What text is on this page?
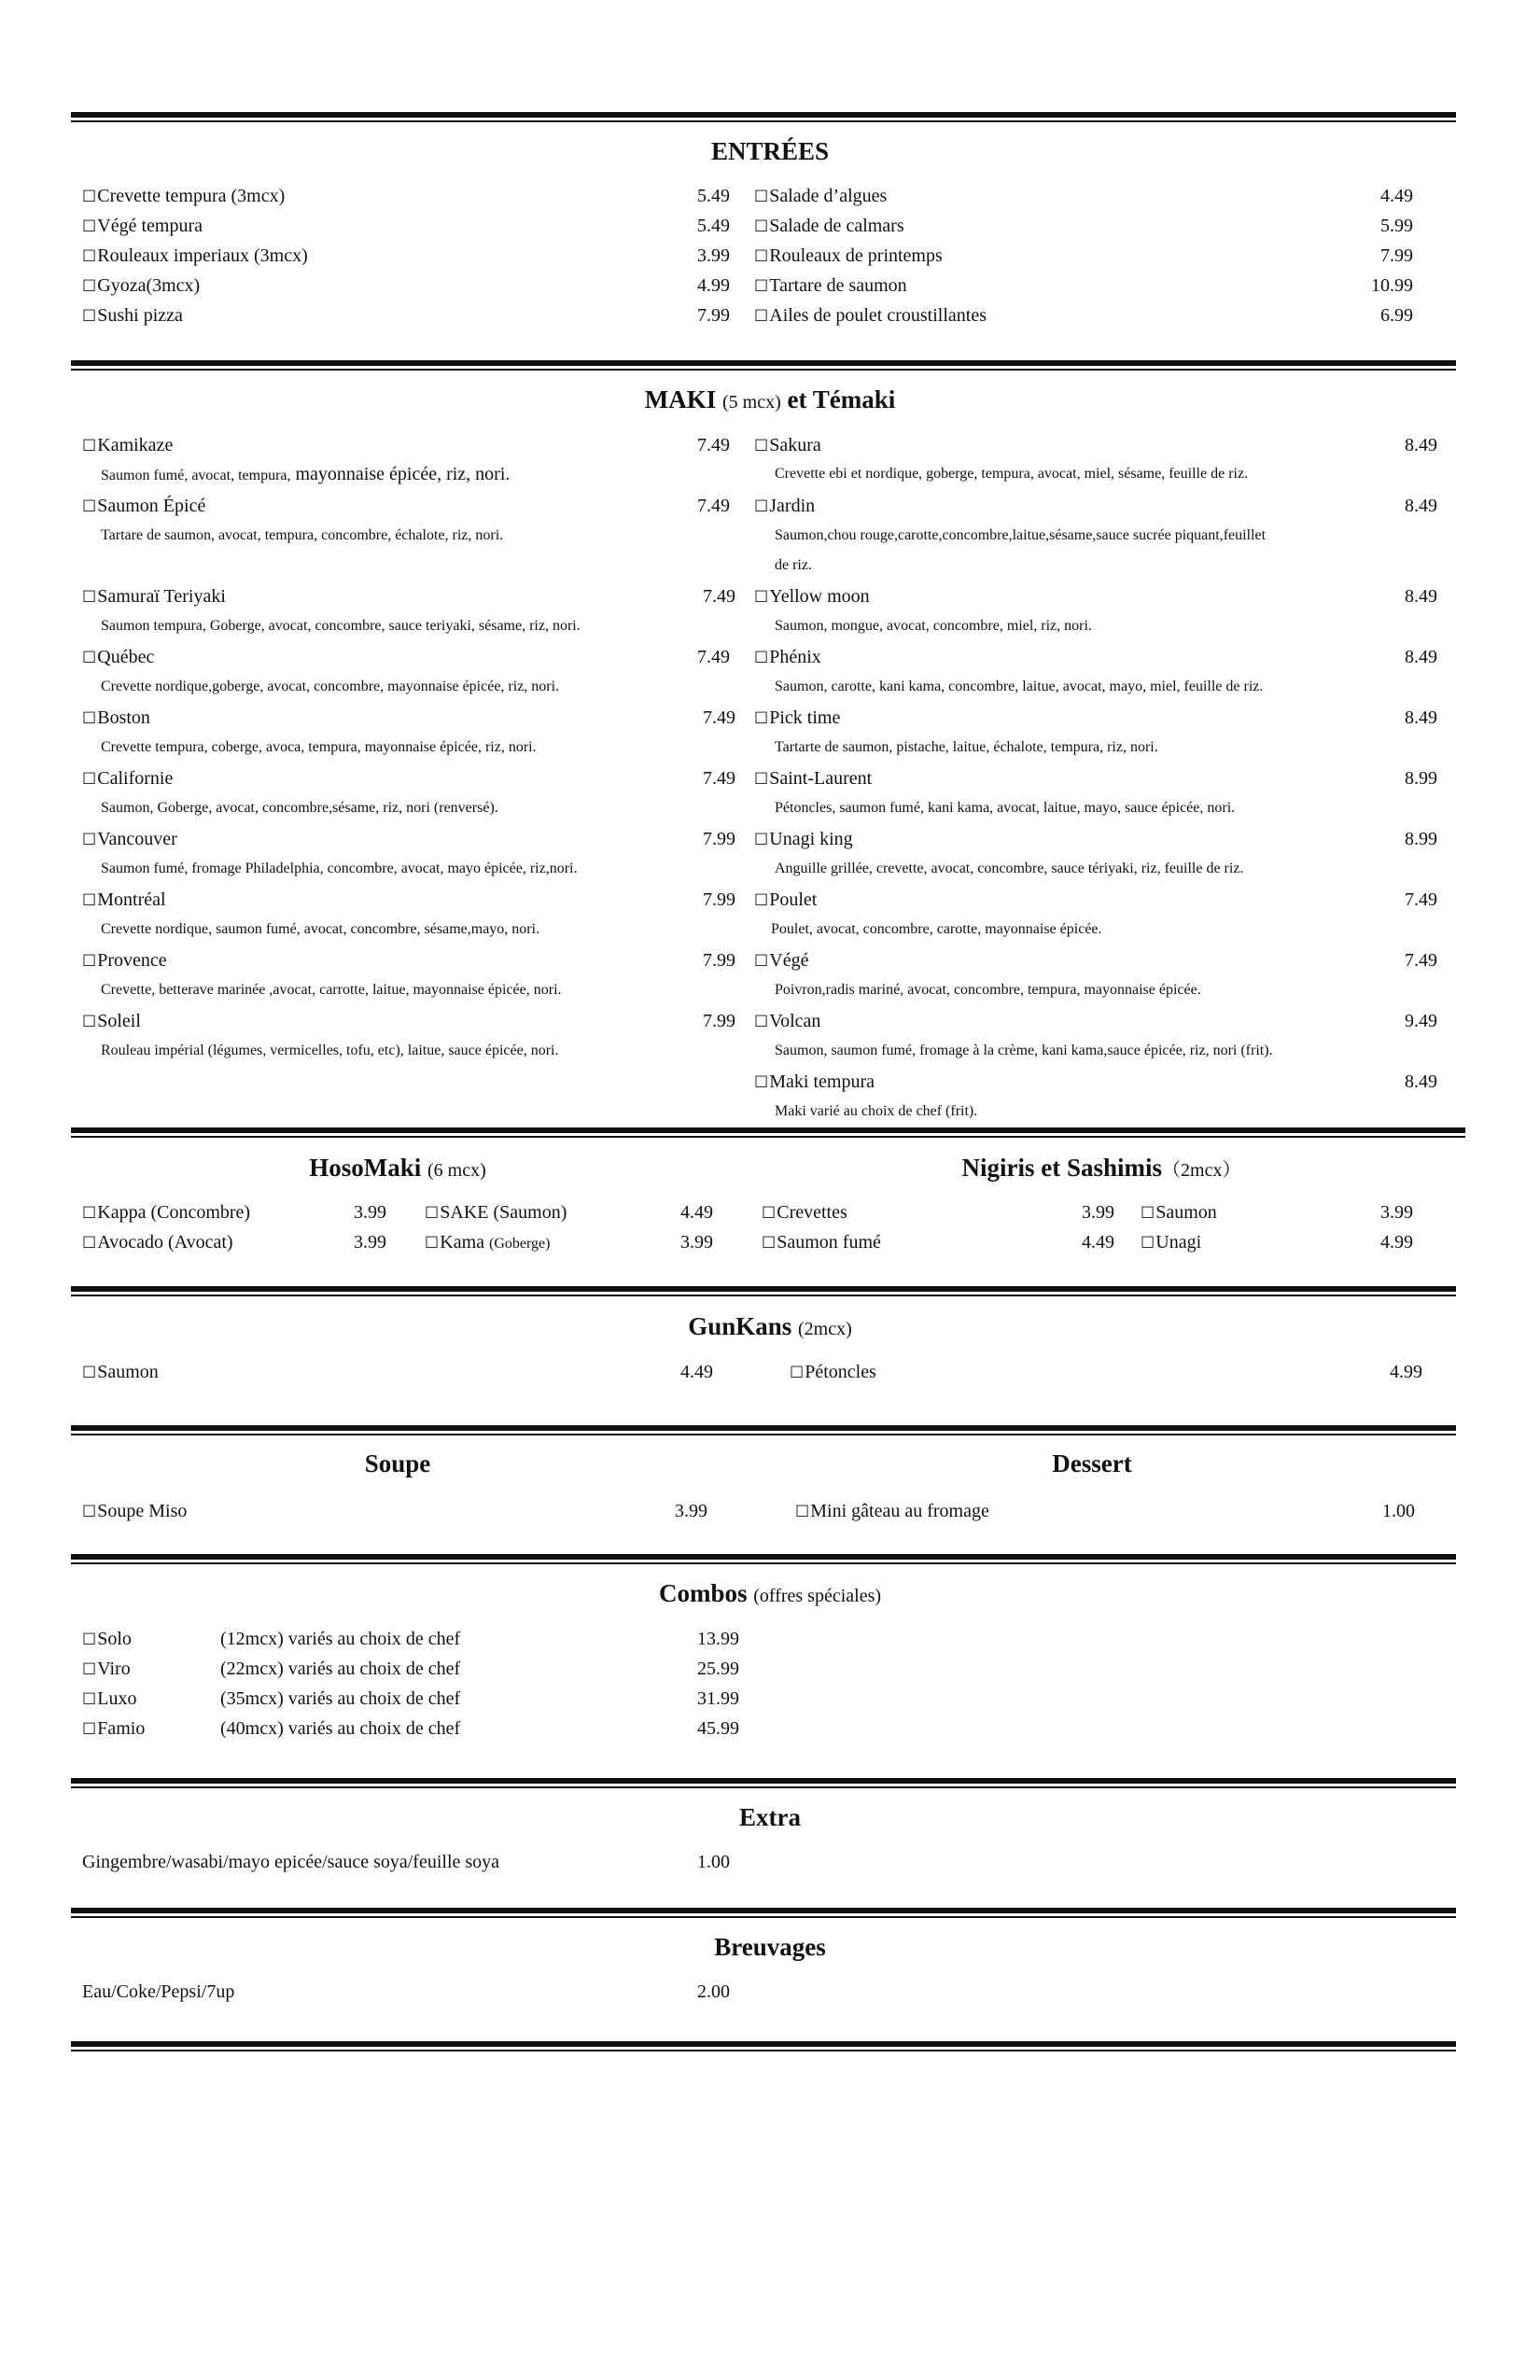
ENTRÉES
☐Crevette tempura (3mcx)	5.49
☐Végé tempura	5.49
☐Rouleaux imperiaux (3mcx)	3.99
☐Gyoza(3mcx)	4.99
☐Sushi pizza	7.99
☐Salade d’algues	4.49
☐Salade de calmars	5.99
☐Rouleaux de printemps	7.99
☐Tartare de saumon	10.99
☐Ailes de poulet croustillantes	6.99
MAKI (5 mcx) et Témaki
☐Kamikaze	7.49
Saumon fumé, avocat, tempura, mayonnaise épicée, riz, nori.
☐Saumon Épicé	7.49
Tartare de saumon, avocat, tempura, concombre, échalote, riz, nori.
☐Samuraï Teriyaki	7.49
Saumon tempura, Goberge, avocat, concombre, sauce teriyaki, sésame, riz, nori.
☐Québec	7.49
Crevette nordique,goberge, avocat, concombre, mayonnaise épicée, riz, nori.
☐Boston	7.49
Crevette tempura, coberge, avoca, tempura, mayonnaise épicée, riz, nori.
☐Californie	7.49
Saumon, Goberge, avocat, concombre,sésame, riz, nori (renversé).
☐Vancouver	7.99
Saumon fumé, fromage Philadelphia, concombre, avocat, mayo épicée, riz,nori.
☐Montréal	7.99
Crevette nordique, saumon fumé, avocat, concombre, sésame,mayo, nori.
☐Provence	7.99
Crevette, betterave marinée ,avocat, carrotte, laitue, mayonnaise épicée, nori.
☐Soleil	7.99
Rouleau impérial (légumes, vermicelles, tofu, etc), laitue, sauce épicée, nori.
☐Sakura	8.49
Crevette ebi et nordique, goberge, tempura, avocat, miel, sésame, feuille de riz.
☐Jardin	8.49
Saumon,chou rouge,carotte,concombre,laitue,sésame,sauce sucrée piquant,feuillet
de riz.
☐Yellow moon	8.49
Saumon, mongue, avocat, concombre, miel, riz, nori.
☐Phénix	8.49
Saumon, carotte, kani kama, concombre, laitue, avocat, mayo, miel, feuille de riz.
☐Pick time	8.49
Tartarte de saumon, pistache, laitue, échalote, tempura, riz, nori.
☐Saint-Laurent	8.99
Pétoncles, saumon fumé, kani kama, avocat, laitue, mayo, sauce épicée, nori.
☐Unagi king	8.99
Anguille grillée, crevette, avocat, concombre, sauce tériyaki, riz, feuille de riz.
☐Poulet	7.49
Poulet, avocat, concombre, carotte, mayonnaise épicée.
☐Végé	7.49
Poivron,radis mariné, avocat, concombre, tempura, mayonnaise épicée.
☐Volcan	9.49
Saumon, saumon fumé, fromage à la crème, kani kama,sauce épicée, riz, nori (frit).
☐Maki tempura	8.49
Maki varié au choix de chef (frit).
HosoMaki (6 mcx)	Nigiris et Sashimis（2mcx）
☐Kappa (Concombre)	3.99
☐Avocado (Avocat)	3.99
☐SAKE (Saumon)	4.49
☐Kama (Goberge)	3.99
☐Crevettes	3.99
☐Saumon fumé	4.49
☐Saumon	3.99
☐Unagi	4.99
GunKans (2mcx)
☐Saumon	4.49	☐Pétoncles	4.99
Soupe	Dessert
☐Soupe Miso	3.99	☐Mini gâteau au fromage	1.00
Combos (offres spéciales)
☐Solo	(12mcx) variés au choix de chef	13.99
☐Viro	(22mcx) variés au choix de chef	25.99
☐Luxo	(35mcx) variés au choix de chef	31.99
☐Famio	(40mcx) variés au choix de chef	45.99
Extra
Gingembre/wasabi/mayo epicée/sauce soya/feuille soya	1.00
Breuvages
Eau/Coke/Pepsi/7up	2.00
